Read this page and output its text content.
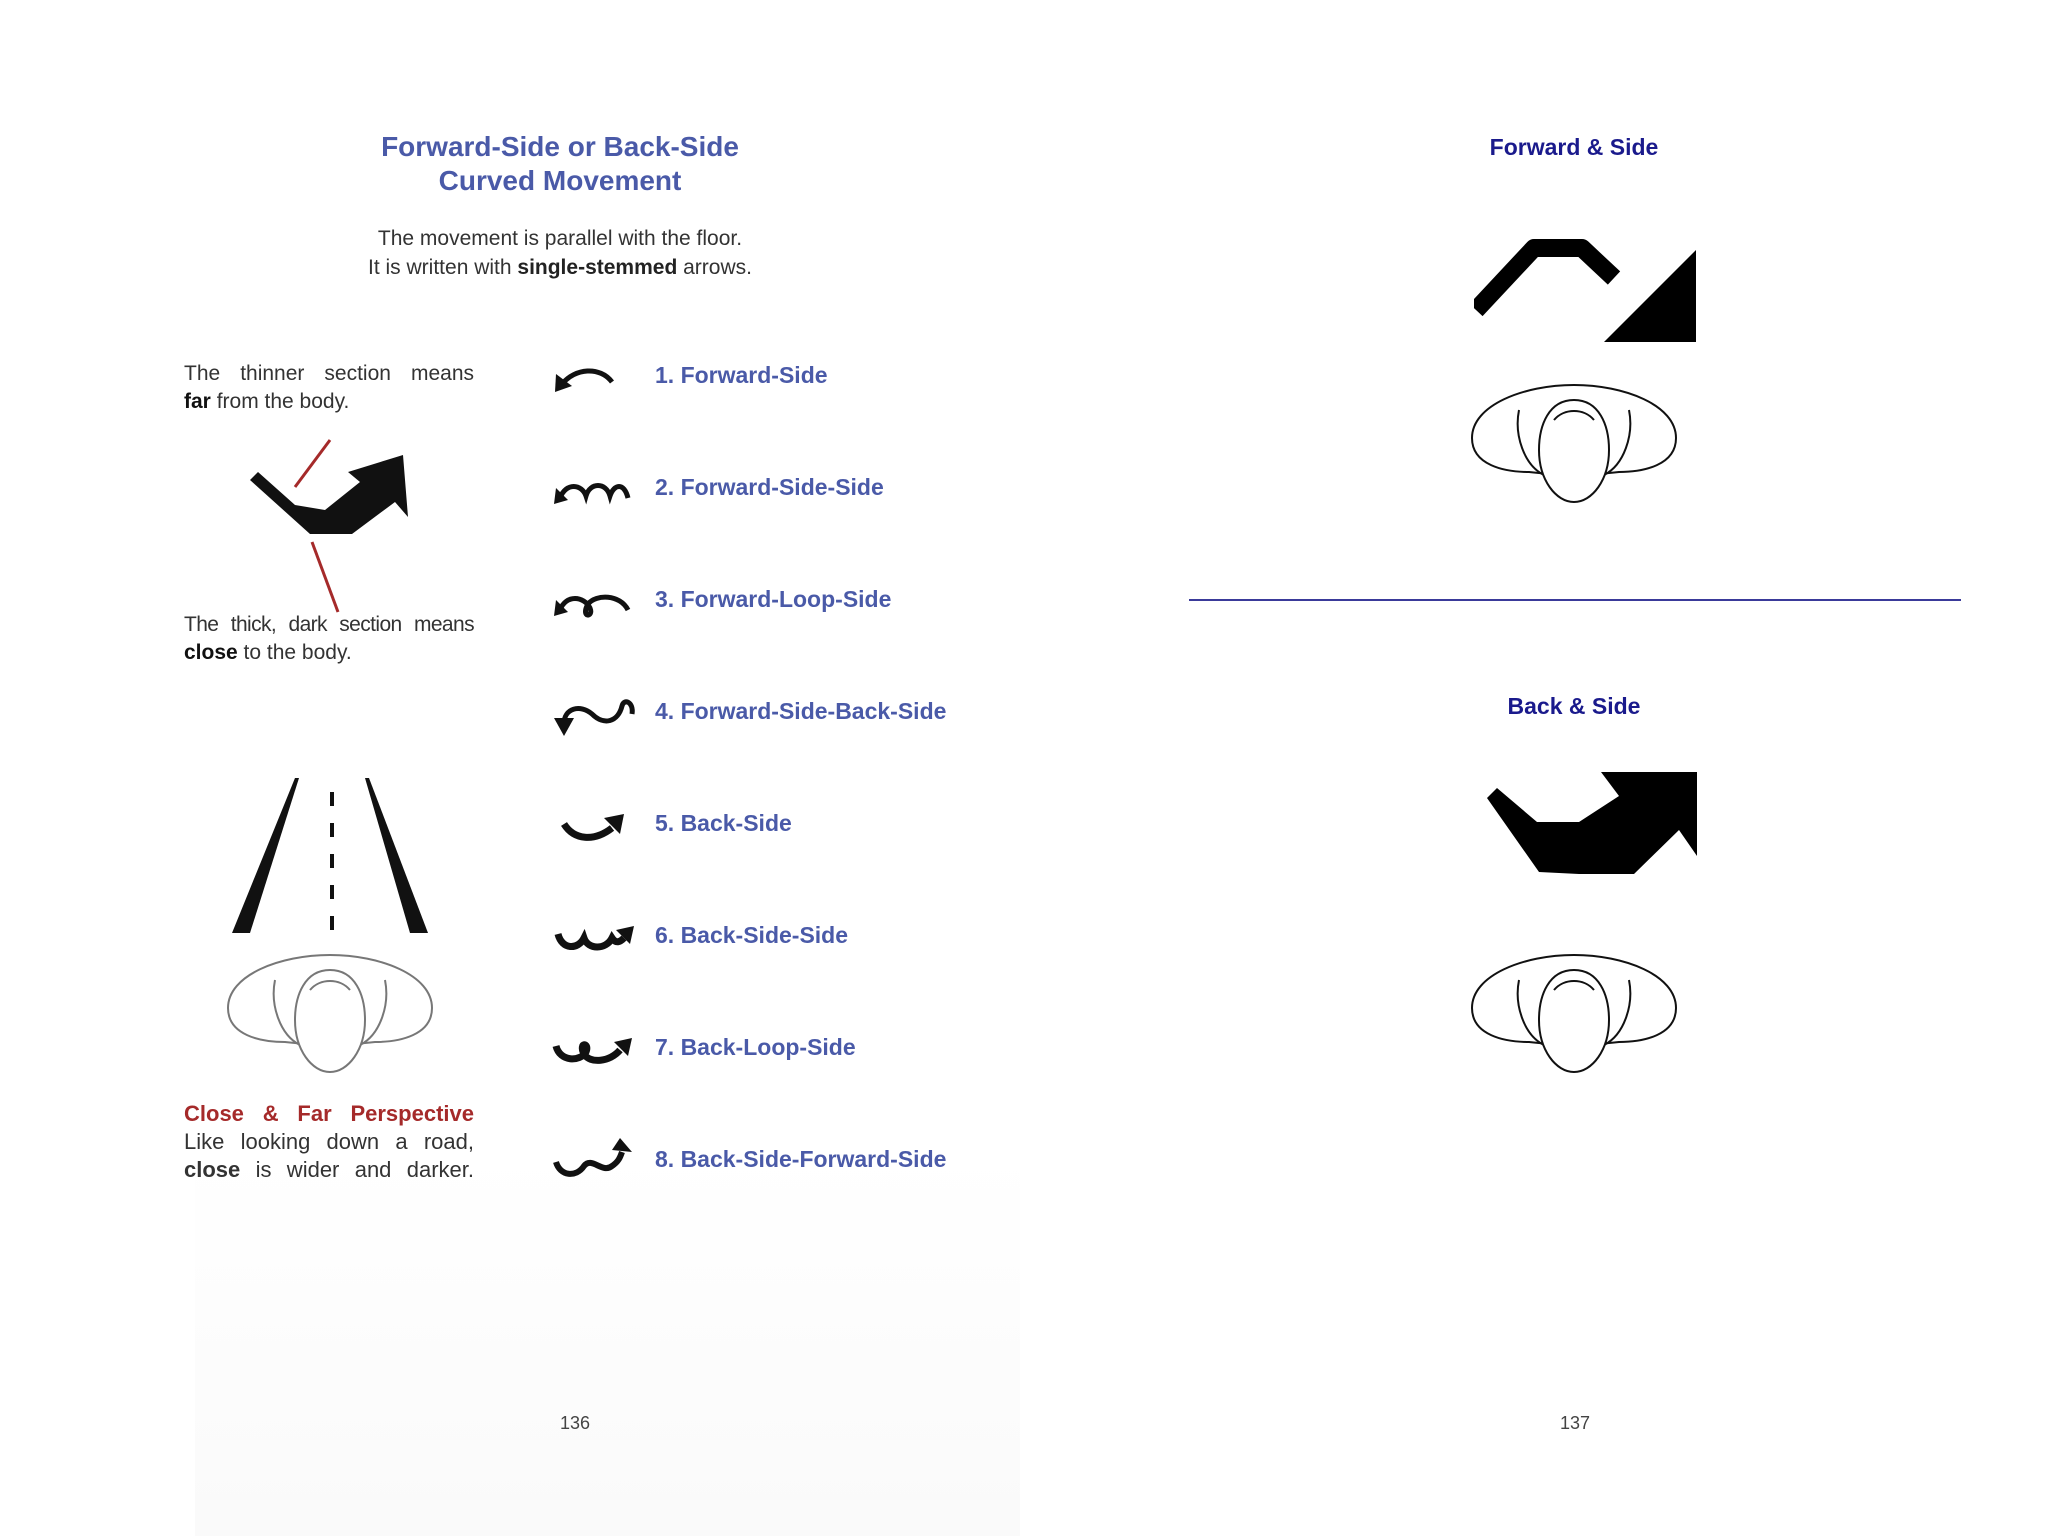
Forward-Side or Back-Side
Curved Movement
The movement is parallel with the floor.
It is written with single-stemmed arrows.
The thinner section means
far from the body.
The thick, dark section means
close to the body.
Close & Far Perspective
Like looking down a road,
close is wider and darker.
1. Forward-Side
2. Forward-Side-Side
3. Forward-Loop-Side
4. Forward-Side-Back-Side
5. Back-Side
6. Back-Side-Side
7. Back-Loop-Side
8. Back-Side-Forward-Side
136
Forward & Side
Back & Side
137
